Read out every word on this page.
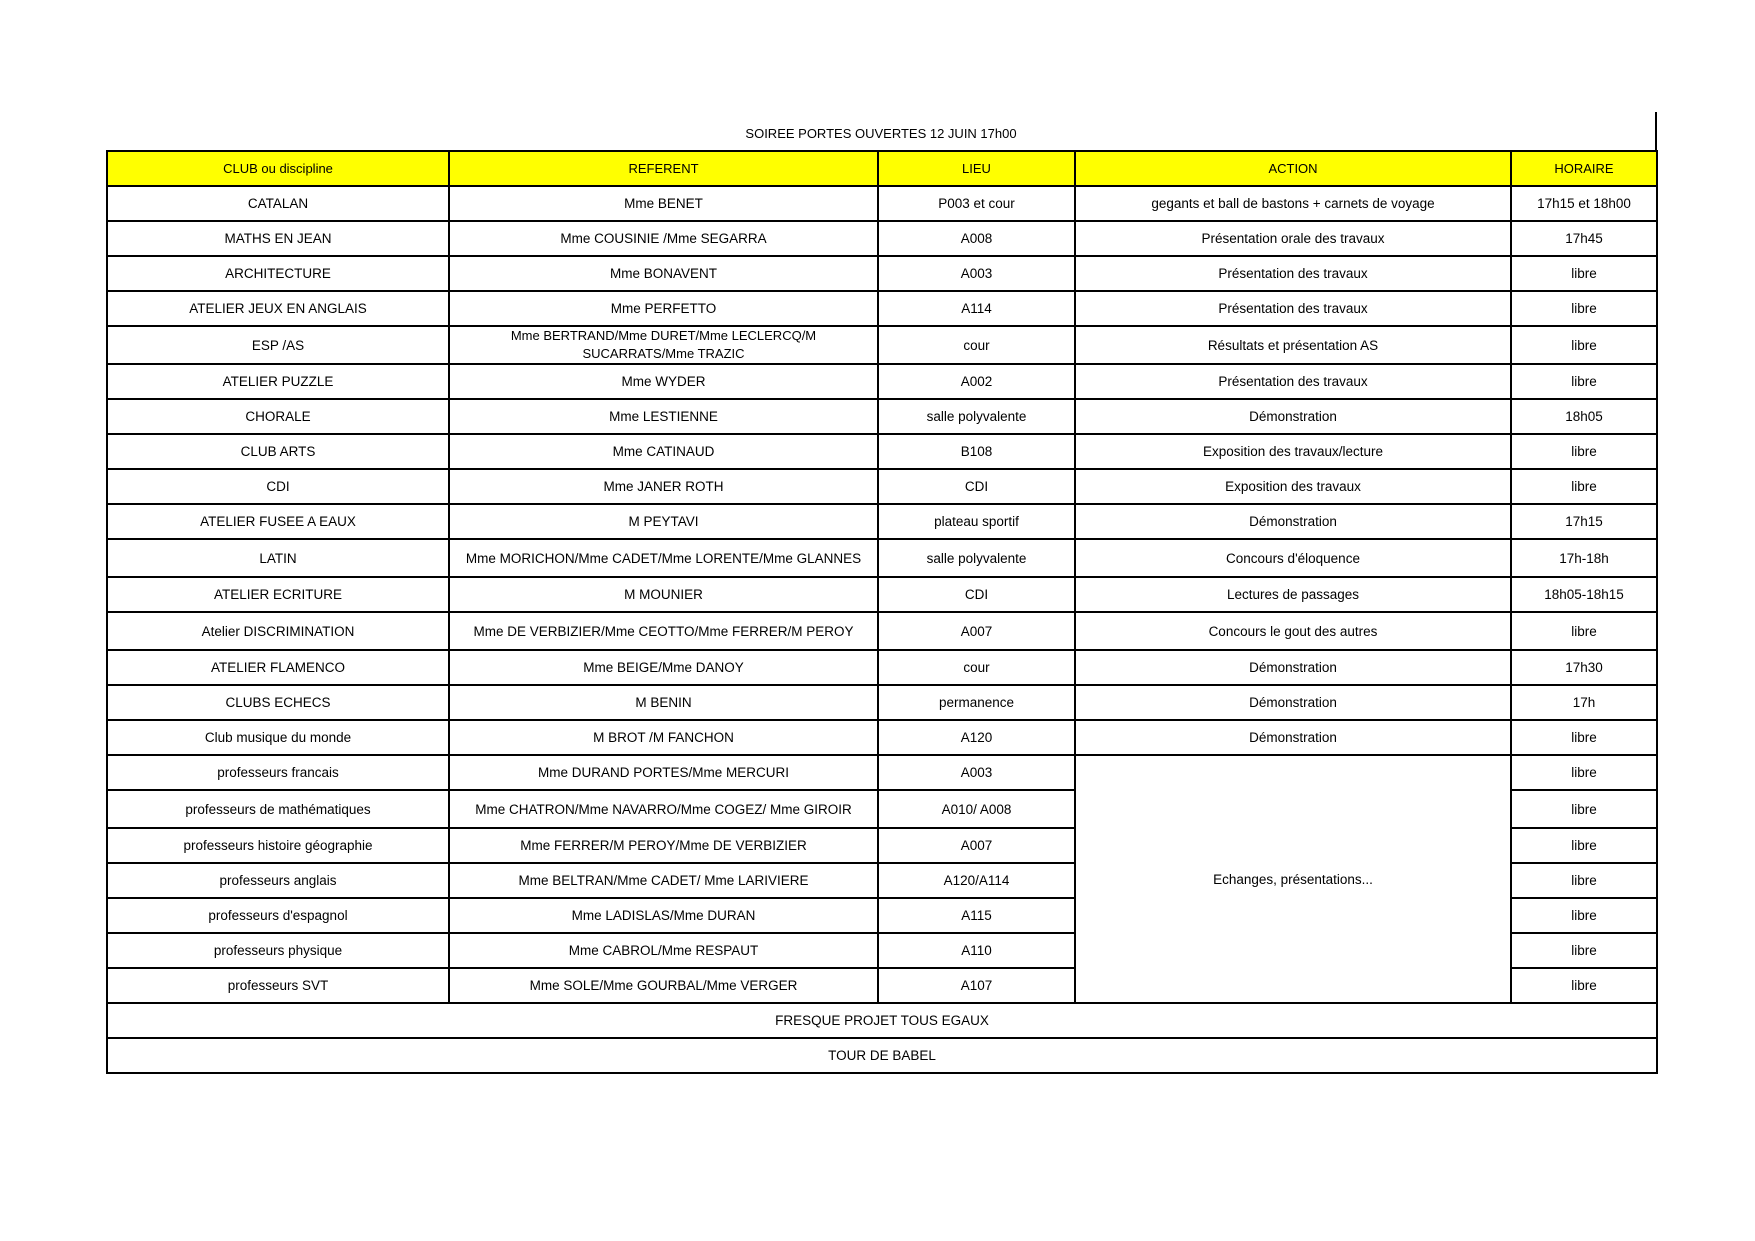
SOIREE PORTES OUVERTES 12 JUIN 17h00
CLUB ou discipline	REFERENT	LIEU	ACTION	HORAIRE
CATALAN	Mme BENET	P003 et cour	gegants et ball de bastons + carnets de voyage	17h15 et 18h00
MATHS EN JEAN	Mme COUSINIE /Mme SEGARRA	A008	Présentation orale des travaux	17h45
ARCHITECTURE	Mme BONAVENT	A003	Présentation des travaux	libre
ATELIER JEUX EN ANGLAIS	Mme PERFETTO	A114	Présentation des travaux	libre
ESP /AS	Mme BERTRAND/Mme DURET/Mme LECLERCQ/M SUCARRATS/Mme TRAZIC	cour	Résultats et présentation AS	libre
ATELIER PUZZLE	Mme WYDER	A002	Présentation des travaux	libre
CHORALE	Mme LESTIENNE	salle polyvalente	Démonstration	18h05
CLUB ARTS	Mme CATINAUD	B108	Exposition des travaux/lecture	libre
CDI	Mme JANER ROTH	CDI	Exposition des travaux	libre
ATELIER FUSEE A EAUX	M PEYTAVI	plateau sportif	Démonstration	17h15
LATIN	Mme MORICHON/Mme CADET/Mme LORENTE/Mme GLANNES	salle polyvalente	Concours d'éloquence	17h-18h
ATELIER ECRITURE	M MOUNIER	CDI	Lectures de passages	18h05-18h15
Atelier DISCRIMINATION	Mme DE VERBIZIER/Mme CEOTTO/Mme FERRER/M PEROY	A007	Concours le gout des autres	libre
ATELIER FLAMENCO	Mme BEIGE/Mme DANOY	cour	Démonstration	17h30
CLUBS ECHECS	M BENIN	permanence	Démonstration	17h
Club musique du monde	M BROT /M FANCHON	A120	Démonstration	libre
professeurs francais	Mme DURAND PORTES/Mme MERCURI	A003	Echanges, présentations...	libre
professeurs de mathématiques	Mme CHATRON/Mme NAVARRO/Mme COGEZ/ Mme GIROIR	A010/ A008		libre
professeurs histoire géographie	Mme FERRER/M PEROY/Mme DE VERBIZIER	A007		libre
professeurs anglais	Mme BELTRAN/Mme CADET/ Mme LARIVIERE	A120/A114		libre
professeurs d'espagnol	Mme LADISLAS/Mme DURAN	A115		libre
professeurs physique	Mme CABROL/Mme RESPAUT	A110		libre
professeurs SVT	Mme SOLE/Mme GOURBAL/Mme VERGER	A107		libre
FRESQUE PROJET TOUS EGAUX				
TOUR DE BABEL				
